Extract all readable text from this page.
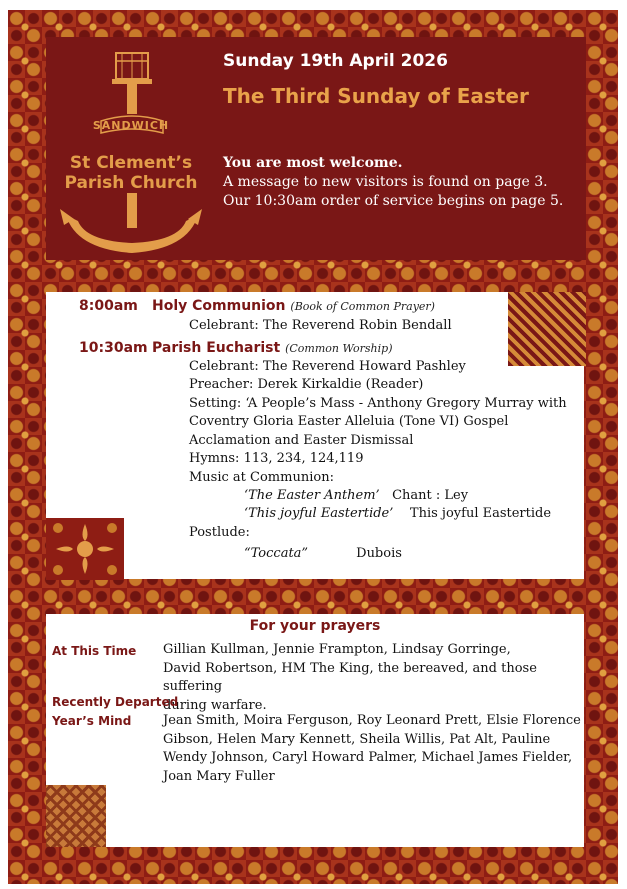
SANDWICH
St Clement’s
Parish Church
Sunday 19th April 2026
The Third Sunday of Easter
You are most welcome.
A message to new visitors is found on page 3.
Our 10:30am order of service begins on page 5.
8:00am Holy Communion (Book of Common Prayer)
Celebrant: The Reverend Robin Bendall
10:30am Parish Eucharist (Common Worship)
Celebrant: The Reverend Howard Pashley
Preacher: Derek Kirkaldie (Reader)
Setting: ‘A People’s Mass - Anthony Gregory Murray with
Coventry Gloria Easter Alleluia (Tone VI) Gospel
Acclamation and Easter Dismissal
Hymns: 113, 234, 124,119
Music at Communion:
‘The Easter Anthem’ Chant : Ley
‘This joyful Eastertide’ This joyful Eastertide
Postlude:
“Toccata”	Dubois
For your prayers
At This Time Gillian Kullman, Jennie Frampton, Lindsay Gorringe,
David Robertson, HM The King, the bereaved, and those suffering
during warfare.
Recently Departed
Year’s Mind Jean Smith, Moira Ferguson, Roy Leonard Prett, Elsie Florence
Gibson, Helen Mary Kennett, Sheila Willis, Pat Alt, Pauline
Wendy Johnson, Caryl Howard Palmer, Michael James Fielder,
Joan Mary Fuller
